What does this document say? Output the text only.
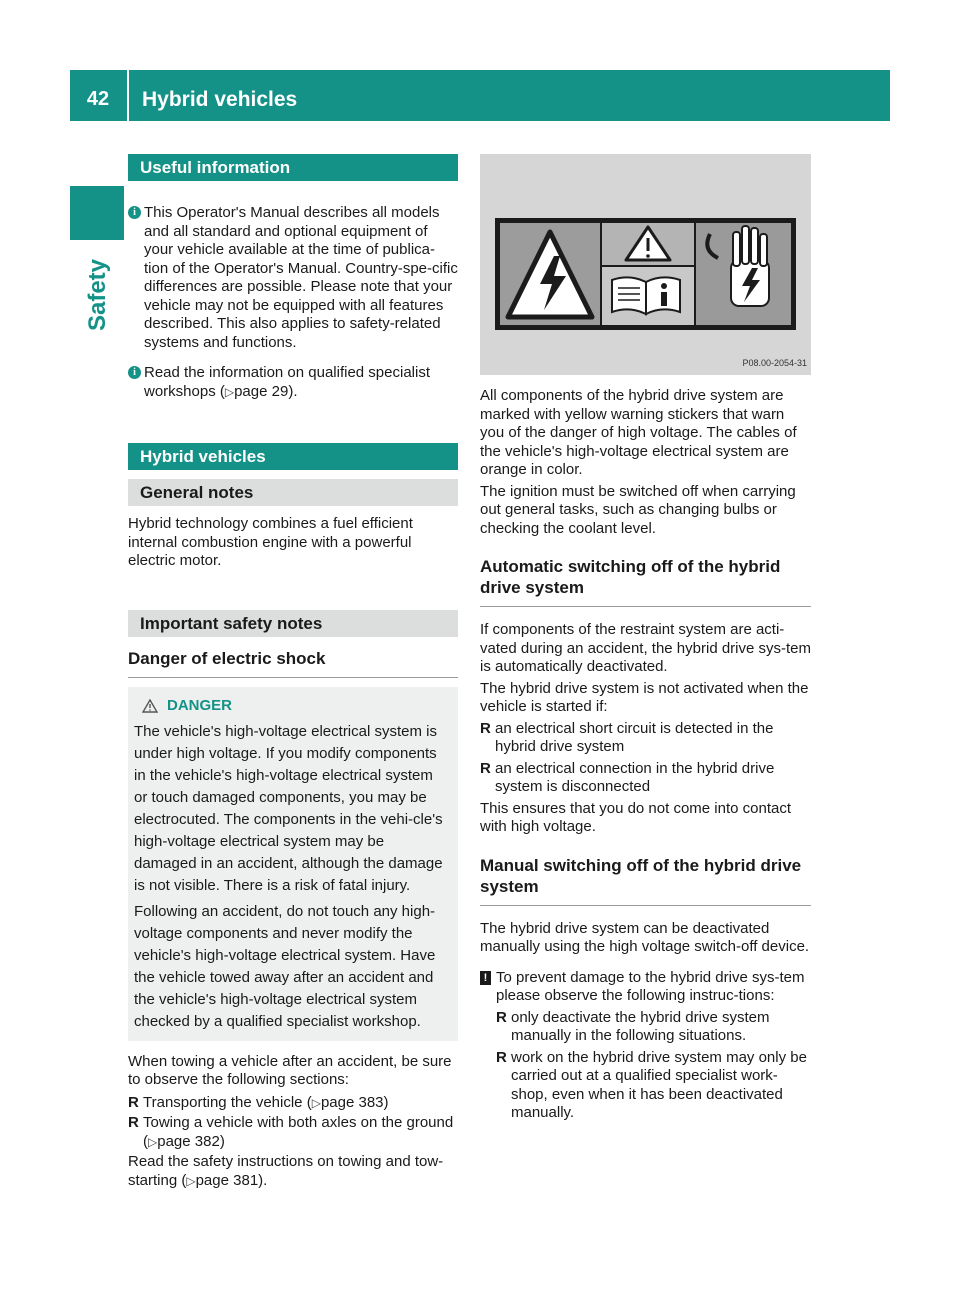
42	Hybrid vehicles
Safety
Useful information
i This Operator's Manual describes all models and all standard and optional equipment of your vehicle available at the time of publica-tion of the Operator's Manual. Country-spe-cific differences are possible. Please note that your vehicle may not be equipped with all features described. This also applies to safety-related systems and functions.

i Read the information on qualified specialist workshops (▷page 29).

Hybrid vehicles
General notes

Hybrid technology combines a fuel efficient internal combustion engine with a powerful electric motor.

Important safety notes
Danger of electric shock
DANGER

The vehicle's high-voltage electrical system is under high voltage. If you modify components in the vehicle's high-voltage electrical system or touch damaged components, you may be electrocuted. The components in the vehi-cle's high-voltage electrical system may be damaged in an accident, although the damage is not visible. There is a risk of fatal injury.

Following an accident, do not touch any high-voltage components and never modify the vehicle's high-voltage electrical system. Have the vehicle towed away after an accident and the vehicle's high-voltage electrical system checked by a qualified specialist workshop.

When towing a vehicle after an accident, be sure to observe the following sections:

R Transporting the vehicle (▷page 383)
R Towing a vehicle with both axles on the ground (▷page 382)

Read the safety instructions on towing and tow-starting (▷page 381).

P08.00-2054-31

All components of the hybrid drive system are marked with yellow warning stickers that warn you of the danger of high voltage. The cables of the vehicle's high-voltage electrical system are orange in color.

The ignition must be switched off when carrying out general tasks, such as changing bulbs or checking the coolant level.

Automatic switching off of the hybrid drive system

If components of the restraint system are acti-vated during an accident, the hybrid drive sys-tem is automatically deactivated.

The hybrid drive system is not activated when the vehicle is started if:

R an electrical short circuit is detected in the hybrid drive system
R an electrical connection in the hybrid drive system is disconnected

This ensures that you do not come into contact with high voltage.

Manual switching off of the hybrid drive system

The hybrid drive system can be deactivated manually using the high voltage switch-off device.

! To prevent damage to the hybrid drive sys-tem please observe the following instruc-tions:

R only deactivate the hybrid drive system manually in the following situations.
R work on the hybrid drive system may only be carried out at a qualified specialist work-shop, even when it has been deactivated manually.
